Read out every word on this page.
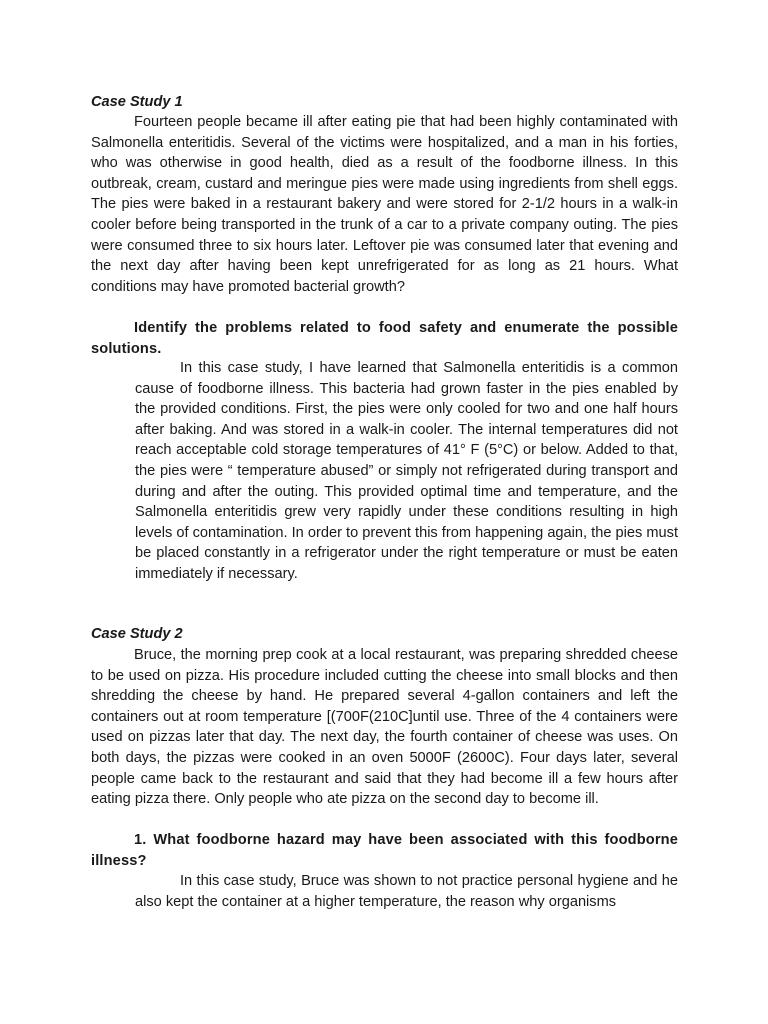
Case Study 1

Fourteen people became ill after eating pie that had been highly contaminated with Salmonella enteritidis. Several of the victims were hospitalized, and a man in his forties, who was otherwise in good health, died as a result of the foodborne illness. In this outbreak, cream, custard and meringue pies were made using ingredients from shell eggs. The pies were baked in a restaurant bakery and were stored for 2-1/2 hours in a walk-in cooler before being transported in the trunk of a car to a private company outing. The pies were consumed three to six hours later. Leftover pie was consumed later that evening and the next day after having been kept unrefrigerated for as long as 21 hours. What conditions may have promoted bacterial growth?

Identify the problems related to food safety and enumerate the possible solutions.

In this case study, I have learned that Salmonella enteritidis is a common cause of foodborne illness. This bacteria had grown faster in the pies enabled by the provided conditions. First, the pies were only cooled for two and one half hours after baking. And was stored in a walk-in cooler. The internal temperatures did not reach acceptable cold storage temperatures of 41° F (5°C) or below. Added to that, the pies were “ temperature abused” or simply not refrigerated during transport and during and after the outing. This provided optimal time and temperature, and the Salmonella enteritidis grew very rapidly under these conditions resulting in high levels of contamination. In order to prevent this from happening again, the pies must be placed constantly in a refrigerator under the right temperature or must be eaten immediately if necessary.

Case Study 2

Bruce, the morning prep cook at a local restaurant, was preparing shredded cheese to be used on pizza. His procedure included cutting the cheese into small blocks and then shredding the cheese by hand. He prepared several 4-gallon containers and left the containers out at room temperature [(700F(210C]until use. Three of the 4 containers were used on pizzas later that day. The next day, the fourth container of cheese was uses. On both days, the pizzas were cooked in an oven 5000F (2600C). Four days later, several people came back to the restaurant and said that they had become ill a few hours after eating pizza there. Only people who ate pizza on the second day to become ill.

1. What foodborne hazard may have been associated with this foodborne illness?

In this case study, Bruce was shown to not practice personal hygiene and he also kept the container at a higher temperature, the reason why organisms
